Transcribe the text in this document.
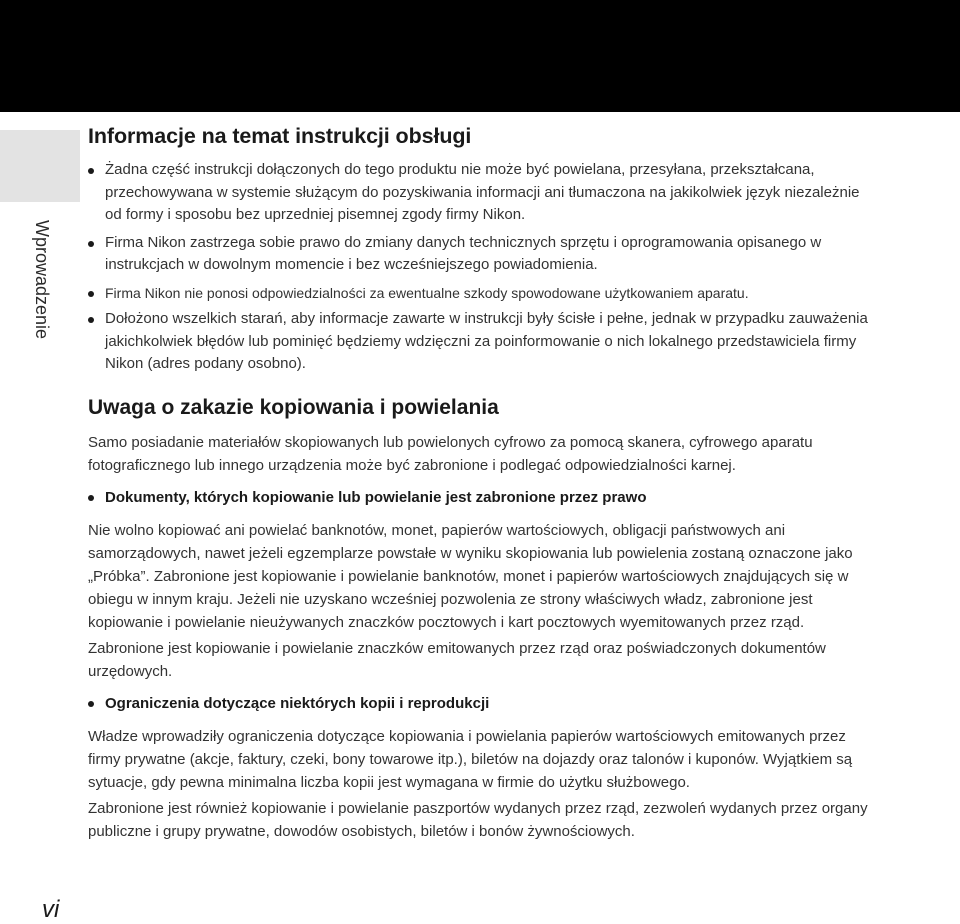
Wprowadzenie
Informacje na temat instrukcji obsługi
Żadna część instrukcji dołączonych do tego produktu nie może być powielana, przesyłana, przekształcana, przechowywana w systemie służącym do pozyskiwania informacji ani tłumaczona na jakikolwiek język niezależnie od formy i sposobu bez uprzedniej pisemnej zgody firmy Nikon.
Firma Nikon zastrzega sobie prawo do zmiany danych technicznych sprzętu i oprogramowania opisanego w instrukcjach w dowolnym momencie i bez wcześniejszego powiadomienia.
Firma Nikon nie ponosi odpowiedzialności za ewentualne szkody spowodowane użytkowaniem aparatu.
Dołożono wszelkich starań, aby informacje zawarte w instrukcji były ścisłe i pełne, jednak w przypadku zauważenia jakichkolwiek błędów lub pominięć będziemy wdzięczni za poinformowanie o nich lokalnego przedstawiciela firmy Nikon (adres podany osobno).
Uwaga o zakazie kopiowania i powielania

Samo posiadanie materiałów skopiowanych lub powielonych cyfrowo za pomocą skanera, cyfrowego aparatu fotograficznego lub innego urządzenia może być zabronione i podlegać odpowiedzialności karnej.

Dokumenty, których kopiowanie lub powielanie jest zabronione przez prawo

Nie wolno kopiować ani powielać banknotów, monet, papierów wartościowych, obligacji państwowych ani samorządowych, nawet jeżeli egzemplarze powstałe w wyniku skopiowania lub powielenia zostaną oznaczone jako „Próbka”. Zabronione jest kopiowanie i powielanie banknotów, monet i papierów wartościowych znajdujących się w obiegu w innym kraju. Jeżeli nie uzyskano wcześniej pozwolenia ze strony właściwych władz, zabronione jest kopiowanie i powielanie nieużywanych znaczków pocztowych i kart pocztowych wyemitowanych przez rząd.

Zabronione jest kopiowanie i powielanie znaczków emitowanych przez rząd oraz poświadczonych dokumentów urzędowych.

Ograniczenia dotyczące niektórych kopii i reprodukcji

Władze wprowadziły ograniczenia dotyczące kopiowania i powielania papierów wartościowych emitowanych przez firmy prywatne (akcje, faktury, czeki, bony towarowe itp.), biletów na dojazdy oraz talonów i kuponów. Wyjątkiem są sytuacje, gdy pewna minimalna liczba kopii jest wymagana w firmie do użytku służbowego.

Zabronione jest również kopiowanie i powielanie paszportów wydanych przez rząd, zezwoleń wydanych przez organy publiczne i grupy prywatne, dowodów osobistych, biletów i bonów żywnościowych.

vi
